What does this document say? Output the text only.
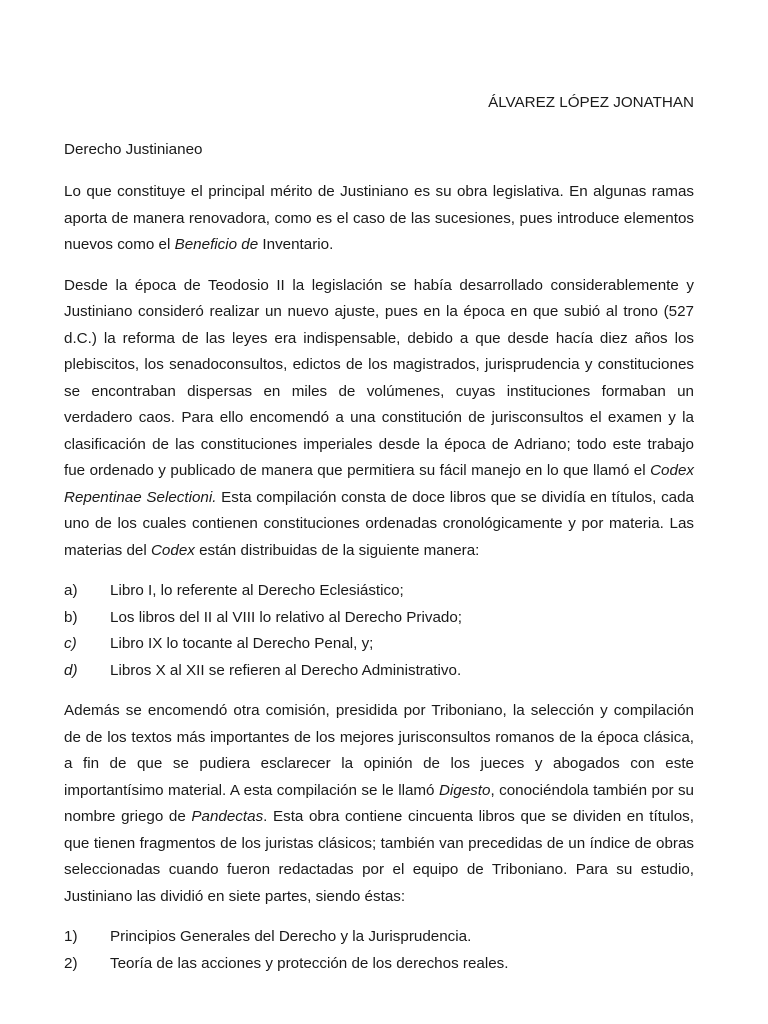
ÁLVAREZ LÓPEZ JONATHAN
Derecho Justinianeo

Lo que constituye el principal mérito de Justiniano es su obra legislativa. En algunas ramas aporta de manera renovadora, como es el caso de las sucesiones, pues introduce elementos nuevos como el Beneficio de Inventario.

Desde la época de Teodosio II la legislación se había desarrollado considerablemente y Justiniano consideró realizar un nuevo ajuste, pues en la época en que subió al trono (527 d.C.) la reforma de las leyes era indispensable, debido a que desde hacía diez años los plebiscitos, los senadoconsultos, edictos de los magistrados, jurisprudencia y constituciones se encontraban dispersas en miles de volúmenes, cuyas instituciones formaban un verdadero caos. Para ello encomendó a una constitución de jurisconsultos el examen y la clasificación de las constituciones imperiales desde la época de Adriano; todo este trabajo fue ordenado y publicado de manera que permitiera su fácil manejo en lo que llamó el Codex Repentinae Selectioni. Esta compilación consta de doce libros que se dividía en títulos, cada uno de los cuales contienen constituciones ordenadas cronológicamente y por materia. Las materias del Codex están distribuidas de la siguiente manera:

a)	Libro I, lo referente al Derecho Eclesiástico;
b)	Los libros del II al VIII lo relativo al Derecho Privado;
c)	Libro IX lo tocante al Derecho Penal, y;
d)	Libros X al XII se refieren al Derecho Administrativo.

Además se encomendó otra comisión, presidida por Triboniano, la selección y compilación de de los textos más importantes de los mejores jurisconsultos romanos de la época clásica, a fin de que se pudiera esclarecer la opinión de los jueces y abogados con este importantísimo material. A esta compilación se le llamó Digesto, conociéndola también por su nombre griego de Pandectas. Esta obra contiene cincuenta libros que se dividen en títulos, que tienen fragmentos de los juristas clásicos; también van precedidas de un índice de obras seleccionadas cuando fueron redactadas por el equipo de Triboniano. Para su estudio, Justiniano las dividió en siete partes, siendo éstas:

1)	Principios Generales del Derecho y la Jurisprudencia.
2)	Teoría de las acciones y protección de los derechos reales.
